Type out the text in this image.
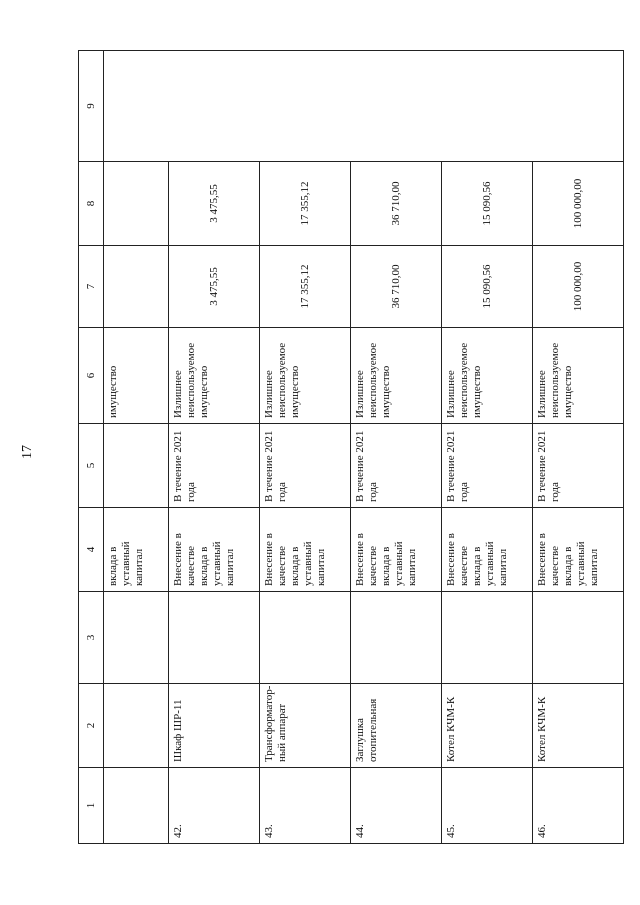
17
1	2	3	4	5	6	7	8	9
			вклада в уставный капитал		имущество			
42.	Шкаф ШР-11		Внесение в качестве вклада в уставный капитал	В течение 2021 года	Излишнее неиспользуемое имущество	3 475,55	3 475,55	
43.	Трансформатор-ный аппарат		Внесение в качестве вклада в уставный капитал	В течение 2021 года	Излишнее неиспользуемое имущество	17 355,12	17 355,12	
44.	Заглушка отопительная		Внесение в качестве вклада в уставный капитал	В течение 2021 года	Излишнее неиспользуемое имущество	36 710,00	36 710,00	
45.	Котел КЧМ-К		Внесение в качестве вклада в уставный капитал	В течение 2021 года	Излишнее неиспользуемое имущество	15 090,56	15 090,56	
46.	Котел КЧМ-К		Внесение в качестве вклада в уставный капитал	В течение 2021 года	Излишнее неиспользуемое имущество	100 000,00	100 000,00	
